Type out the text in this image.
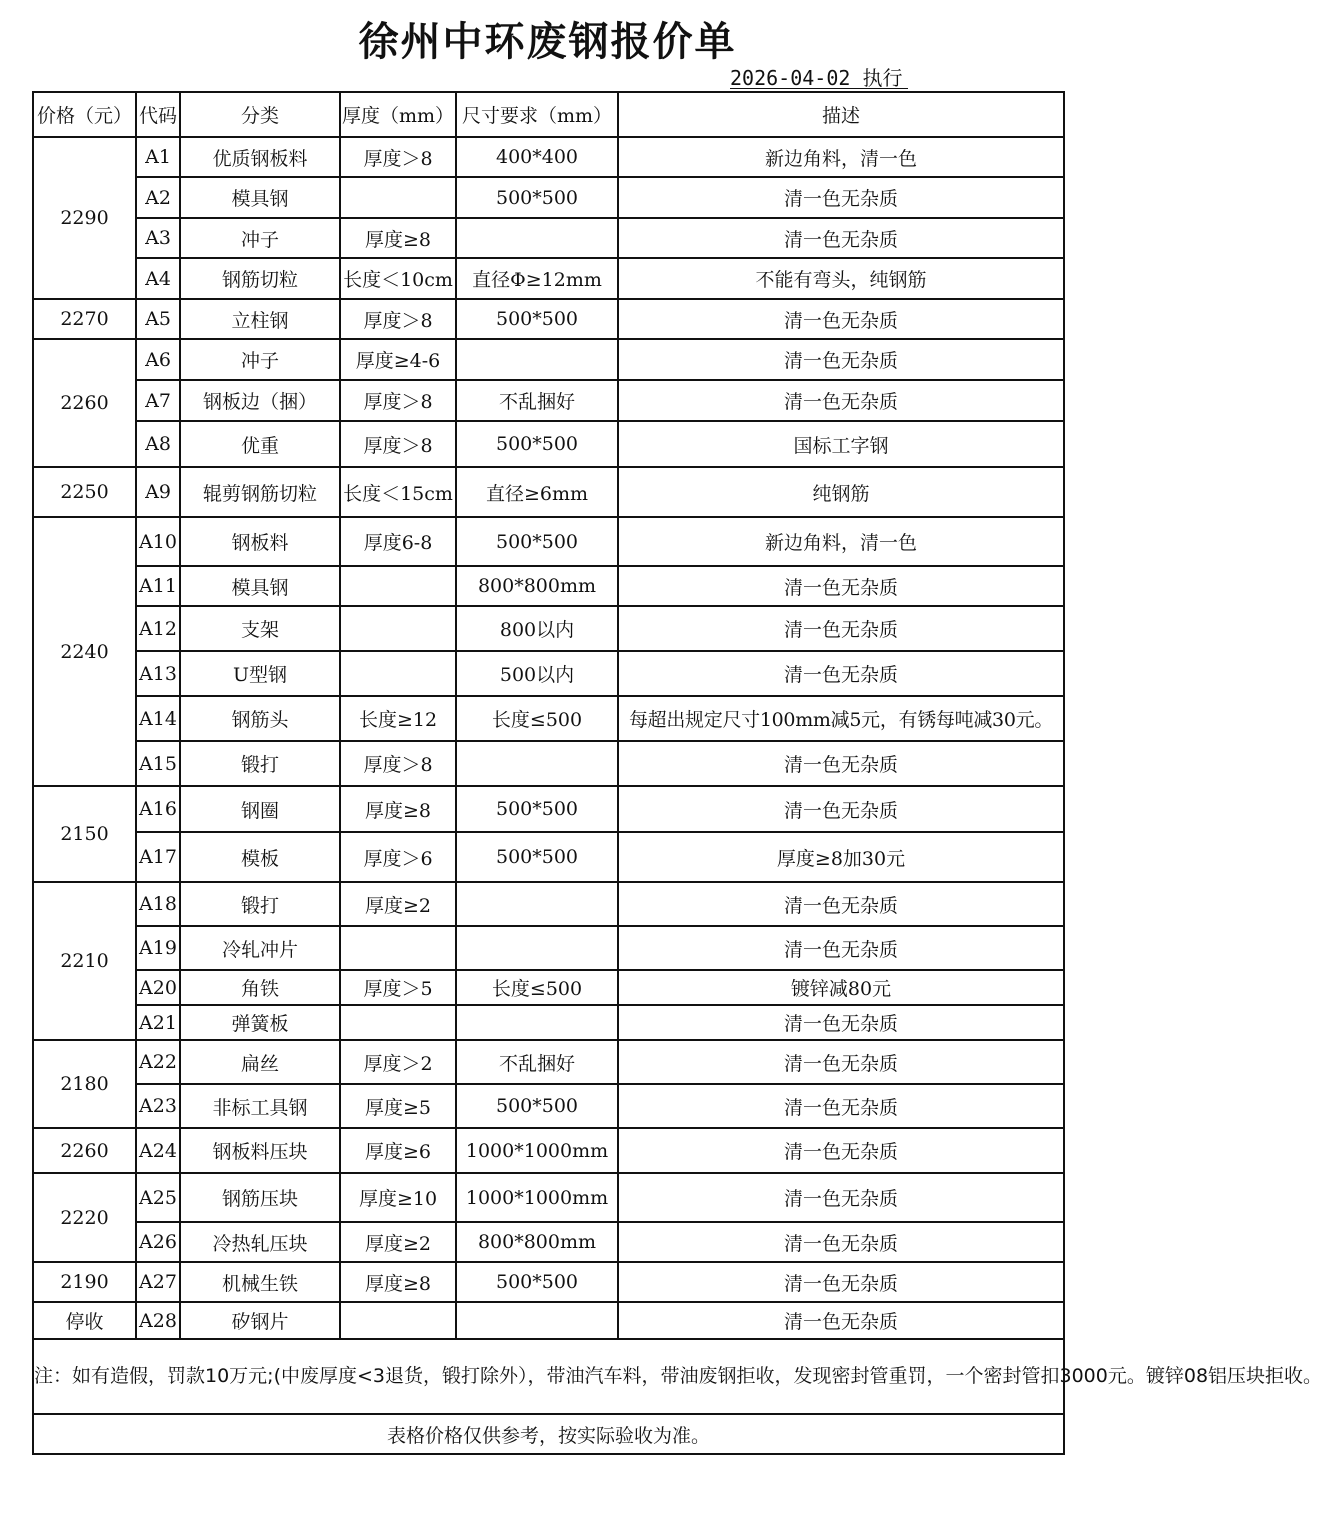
徐州中环废钢报价单
2026-04-02 执行
价格（元）	代码	分类	厚度（mm）	尺寸要求（mm）	描述
2290	A1	优质钢板料	厚度＞8	400*400	新边角料，清一色
	A2	模具钢		500*500	清一色无杂质
	A3	冲子	厚度≥8		清一色无杂质
	A4	钢筋切粒	长度＜10cm	直径Φ≥12mm	不能有弯头，纯钢筋
2270	A5	立柱钢	厚度＞8	500*500	清一色无杂质
2260	A6	冲子	厚度≥4-6		清一色无杂质
	A7	钢板边（捆）	厚度＞8	不乱捆好	清一色无杂质
	A8	优重	厚度＞8	500*500	国标工字钢
2250	A9	辊剪钢筋切粒	长度＜15cm	直径≥6mm	纯钢筋
2240	A10	钢板料	厚度6-8	500*500	新边角料，清一色
	A11	模具钢		800*800mm	清一色无杂质
	A12	支架		800以内	清一色无杂质
	A13	U型钢		500以内	清一色无杂质
	A14	钢筋头	长度≥12	长度≤500	每超出规定尺寸100mm减5元，有锈每吨减30元。
	A15	锻打	厚度＞8		清一色无杂质
2150	A16	钢圈	厚度≥8	500*500	清一色无杂质
	A17	模板	厚度＞6	500*500	厚度≥8加30元
2210	A18	锻打	厚度≥2		清一色无杂质
	A19	冷轧冲片			清一色无杂质
	A20	角铁	厚度＞5	长度≤500	镀锌减80元
	A21	弹簧板			清一色无杂质
2180	A22	扁丝	厚度＞2	不乱捆好	清一色无杂质
	A23	非标工具钢	厚度≥5	500*500	清一色无杂质
2260	A24	钢板料压块	厚度≥6	1000*1000mm	清一色无杂质
2220	A25	钢筋压块	厚度≥10	1000*1000mm	清一色无杂质
	A26	冷热轧压块	厚度≥2	800*800mm	清一色无杂质
2190	A27	机械生铁	厚度≥8	500*500	清一色无杂质
停收	A28	矽钢片			清一色无杂质
注：如有造假，罚款10万元;(中废厚度<3退货，锻打除外），带油汽车料，带油废钢拒收，发现密封管重罚，一个密封管扣3000元。镀锌08铝压块拒收。					
表格价格仅供参考，按实际验收为准。					
